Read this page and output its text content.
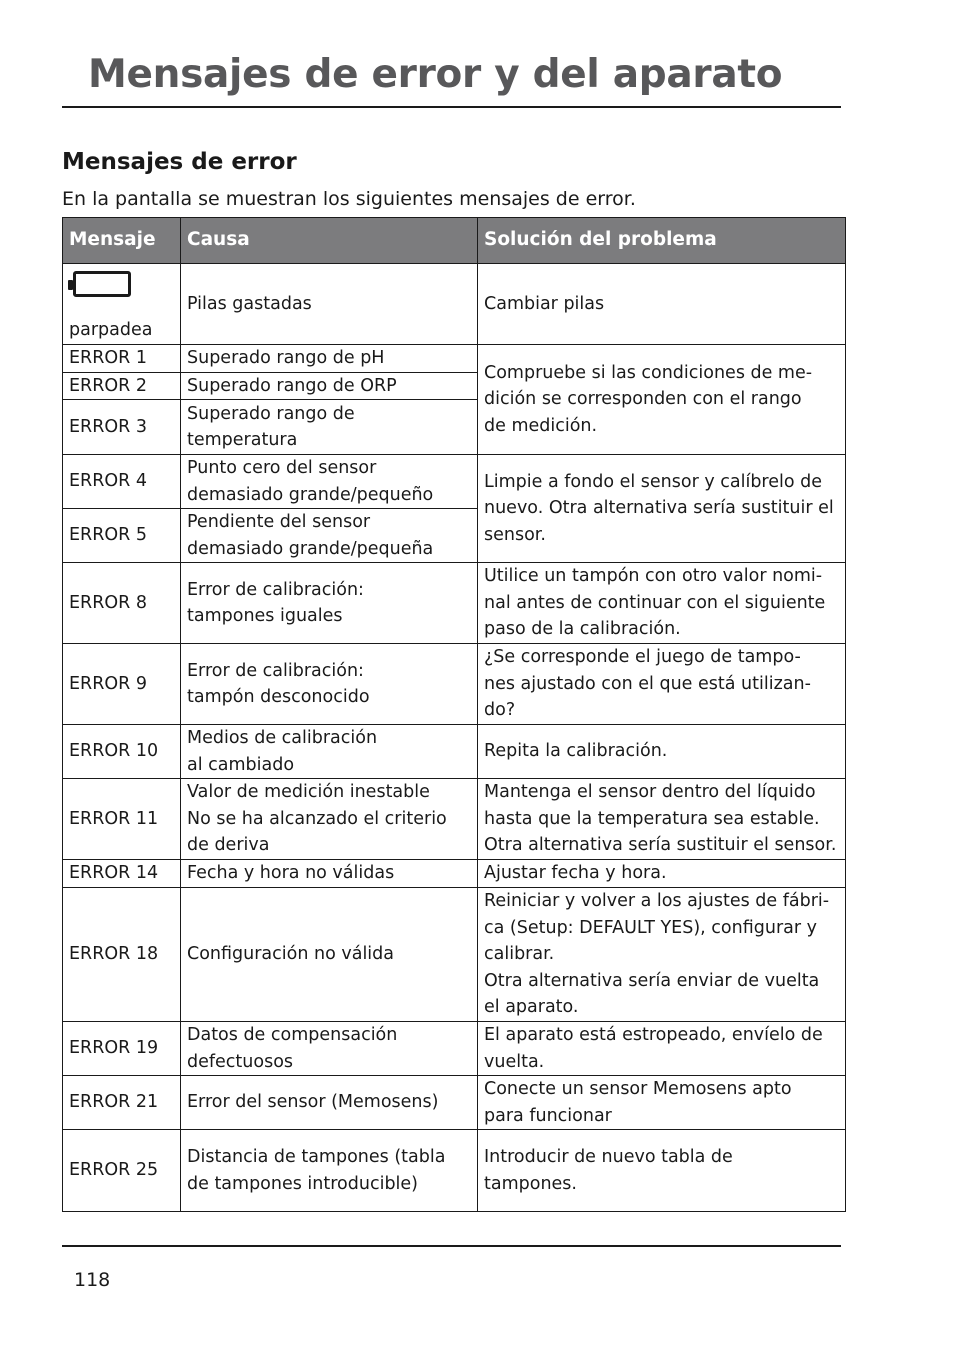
Mensajes de error y del aparato
Mensajes de error

En la pantalla se muestran los siguientes mensajes de error.

Mensaje	Causa	Solución del problema

parpadea	Pilas gastadas	Cambiar pilas
ERROR 1	Superado rango de pH	Compruebe si las condiciones de me-
dición se corresponden con el rango
de medición.
ERROR 2	Superado rango de ORP	
ERROR 3	Superado rango de
temperatura	
ERROR 4	Punto cero del sensor
demasiado grande/pequeño	Limpie a fondo el sensor y calíbrelo de
nuevo. Otra alternativa sería sustituir el
sensor.
ERROR 5	Pendiente del sensor
demasiado grande/pequeña	
ERROR 8	Error de calibración:
tampones iguales	Utilice un tampón con otro valor nomi-
nal antes de continuar con el siguiente
paso de la calibración.
ERROR 9	Error de calibración:
tampón desconocido	¿Se corresponde el juego de tampo-
nes ajustado con el que está utilizan-
do?
ERROR 10	Medios de calibración
al cambiado	Repita la calibración.
ERROR 11	Valor de medición inestable
No se ha alcanzado el criterio
de deriva	Mantenga el sensor dentro del líquido
hasta que la temperatura sea estable.
Otra alternativa sería sustituir el sensor.
ERROR 14	Fecha y hora no válidas	Ajustar fecha y hora.
ERROR 18	Configuración no válida	Reiniciar y volver a los ajustes de fábri-
ca (Setup: DEFAULT YES), configurar y
calibrar.
Otra alternativa sería enviar de vuelta
el aparato.
ERROR 19	Datos de compensación
defectuosos	El aparato está estropeado, envíelo de
vuelta.
ERROR 21	Error del sensor (Memosens)	Conecte un sensor Memosens apto
para funcionar
ERROR 25	Distancia de tampones (tabla
de tampones introducible)	Introducir de nuevo tabla de
tampones.

118
